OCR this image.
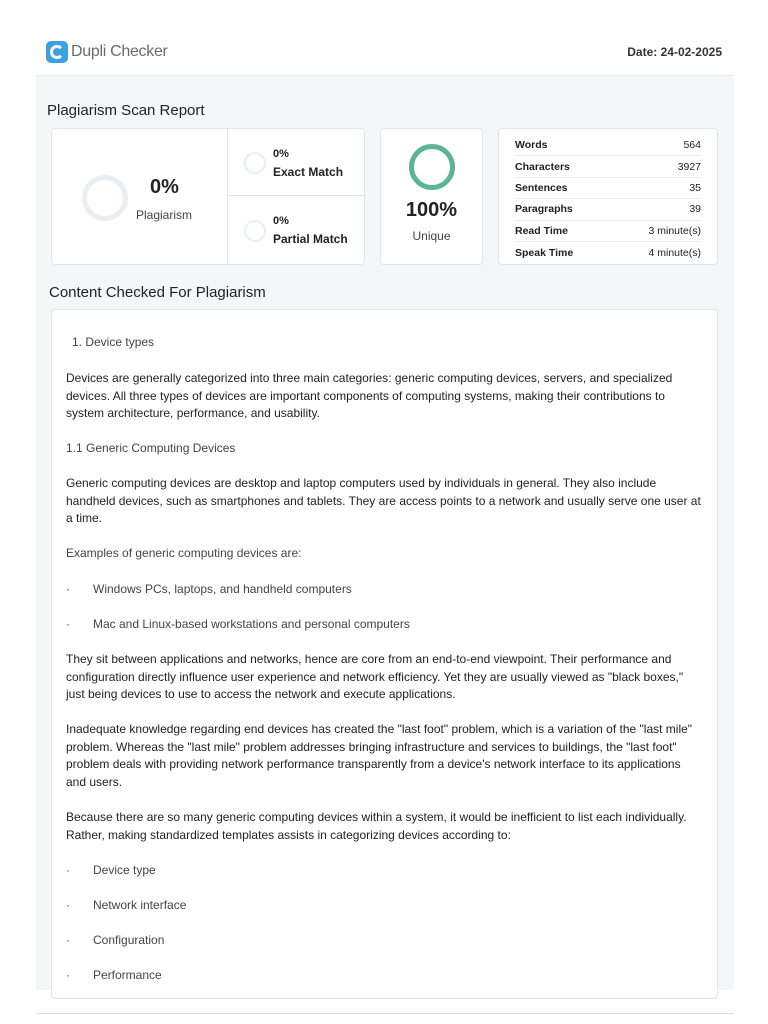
Dupli Checker	Date: 24-02-2025
Plagiarism Scan Report
0%
Plagiarism
0%
Exact Match
0%
Partial Match
100%
Unique
Words	564
Characters	3927
Sentences	35
Paragraphs	39
Read Time	3 minute(s)
Speak Time	4 minute(s)
Content Checked For Plagiarism
1. Device types
Devices are generally categorized into three main categories: generic computing devices, servers, and specialized devices. All three types of devices are important components of computing systems, making their contributions to system architecture, performance, and usability.
1.1 Generic Computing Devices
Generic computing devices are desktop and laptop computers used by individuals in general. They also include handheld devices, such as smartphones and tablets. They are access points to a network and usually serve one user at a time.
Examples of generic computing devices are:
· Windows PCs, laptops, and handheld computers
· Mac and Linux-based workstations and personal computers
They sit between applications and networks, hence are core from an end-to-end viewpoint. Their performance and configuration directly influence user experience and network efficiency. Yet they are usually viewed as "black boxes," just being devices to use to access the network and execute applications.
Inadequate knowledge regarding end devices has created the "last foot" problem, which is a variation of the "last mile" problem. Whereas the "last mile" problem addresses bringing infrastructure and services to buildings, the "last foot" problem deals with providing network performance transparently from a device's network interface to its applications and users.
Because there are so many generic computing devices within a system, it would be inefficient to list each individually. Rather, making standardized templates assists in categorizing devices according to:
· Device type
· Network interface
· Configuration
· Performance
